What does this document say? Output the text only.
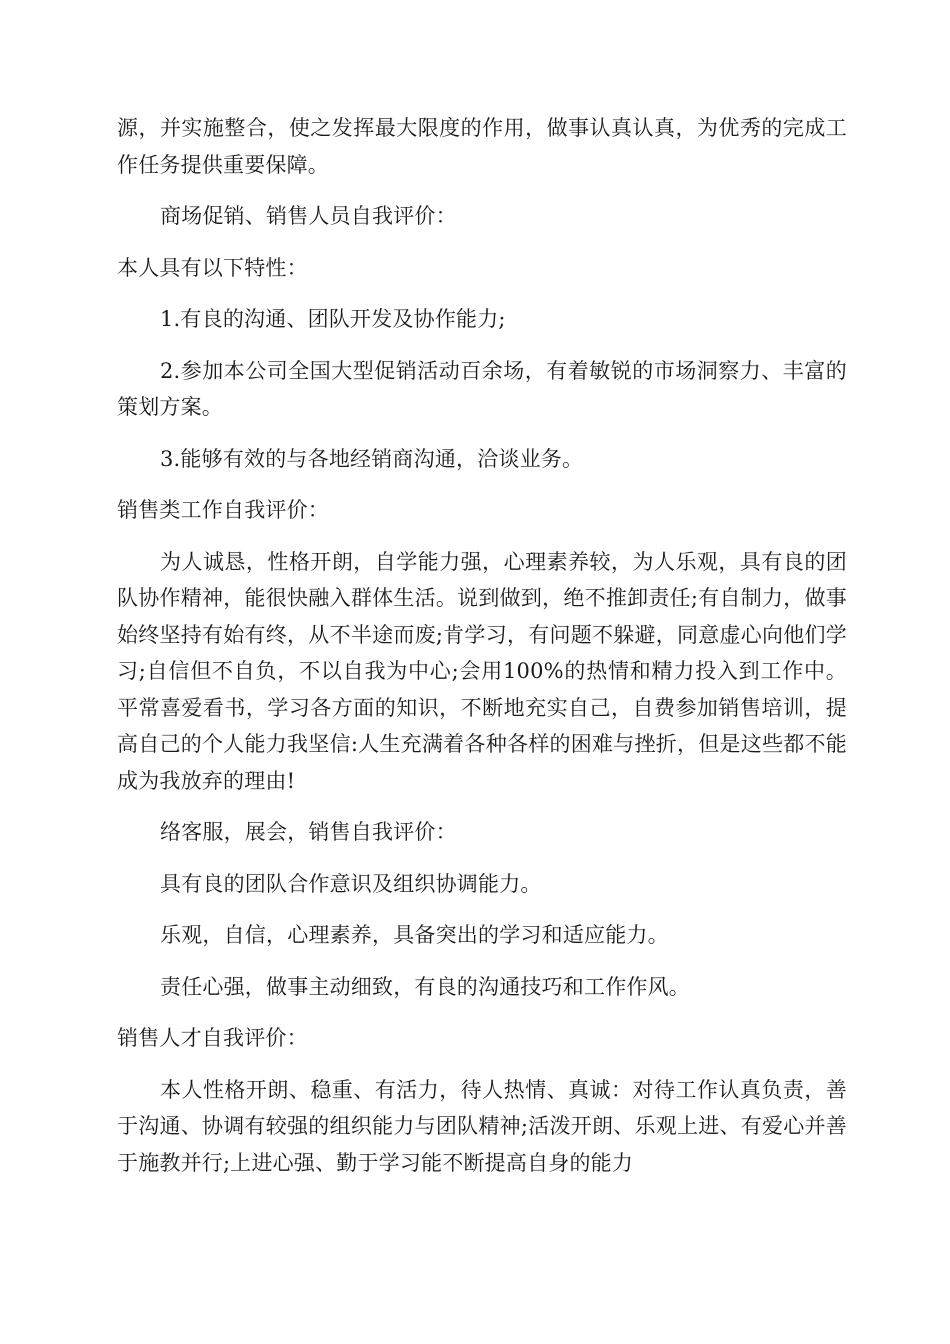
源，并实施整合，使之发挥最大限度的作用，做事认真认真，为优秀的完成工作任务提供重要保障。

商场促销、销售人员自我评价：

本人具有以下特性：

1.有良的沟通、团队开发及协作能力;

2.参加本公司全国大型促销活动百余场，有着敏锐的市场洞察力、丰富的策划方案。

3.能够有效的与各地经销商沟通，洽谈业务。

销售类工作自我评价：

为人诚恳，性格开朗，自学能力强，心理素养较，为人乐观，具有良的团队协作精神，能很快融入群体生活。说到做到，绝不推卸责任;有自制力，做事始终坚持有始有终，从不半途而废;肯学习，有问题不躲避，同意虚心向他们学习;自信但不自负，不以自我为中心;会用100%的热情和精力投入到工作中。平常喜爱看书，学习各方面的知识，不断地充实自己，自费参加销售培训，提高自己的个人能力我坚信:人生充满着各种各样的困难与挫折，但是这些都不能成为我放弃的理由!

络客服，展会，销售自我评价：

具有良的团队合作意识及组织协调能力。

乐观，自信，心理素养，具备突出的学习和适应能力。

责任心强，做事主动细致，有良的沟通技巧和工作作风。

销售人才自我评价：

本人性格开朗、稳重、有活力，待人热情、真诚：对待工作认真负责，善于沟通、协调有较强的组织能力与团队精神;活泼开朗、乐观上进、有爱心并善于施教并行;上进心强、勤于学习能不断提高自身的能力
